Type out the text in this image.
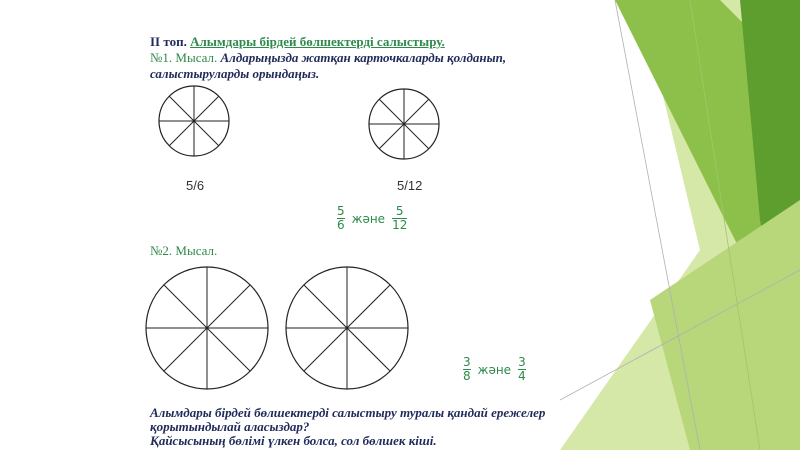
II топ. Алымдары бірдей бөлшектерді салыстыру.
№1. Мысал. Алдарыңызда жатқан карточкаларды қолданып,
салыстыруларды орындаңыз.
5/6	5/12
5
6 және
5
12
№2. Мысал.
3
8 және
3
4
Алымдары бірдей бөлшектерді салыстыру туралы қандай ережелер
қорытындылай аласыздар?
Қайсысының бөлімі үлкен болса, сол бөлшек кіші.
